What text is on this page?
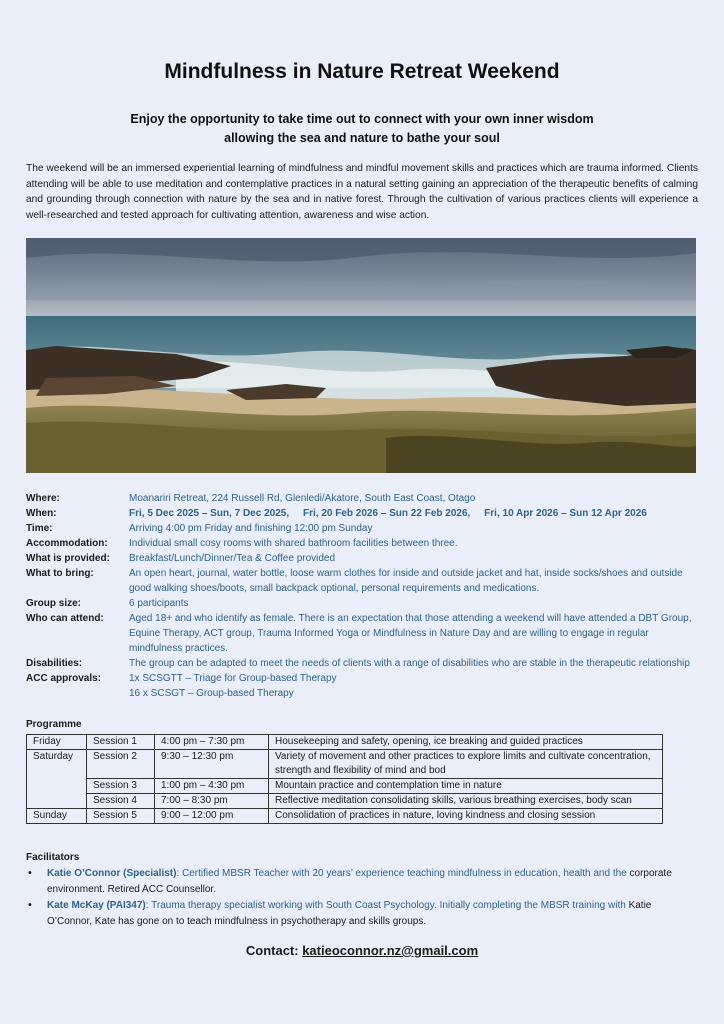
Mindfulness in Nature Retreat Weekend
Enjoy the opportunity to take time out to connect with your own inner wisdom
allowing the sea and nature to bathe your soul
The weekend will be an immersed experiential learning of mindfulness and mindful movement skills and practices which are trauma informed. Clients attending will be able to use meditation and contemplative practices in a natural setting gaining an appreciation of the therapeutic benefits of calming and grounding through connection with nature by the sea and in native forest. Through the cultivation of various practices clients will experience a well-researched and tested approach for cultivating attention, awareness and wise action.
Where:	Moanariri Retreat, 224 Russell Rd, Glenledi/Akatore, South East Coast, Otago
When:	Fri, 5 Dec 2025 – Sun, 7 Dec 2025,     Fri, 20 Feb 2026 – Sun 22 Feb 2026,     Fri, 10 Apr 2026 – Sun 12 Apr 2026
Time:	Arriving 4:00 pm Friday and finishing 12:00 pm Sunday
Accommodation:	Individual small cosy rooms with shared bathroom facilities between three.
What is provided:	Breakfast/Lunch/Dinner/Tea & Coffee provided
What to bring:	An open heart, journal, water bottle, loose warm clothes for inside and outside jacket and hat, inside socks/shoes and outside good walking shoes/boots, small backpack optional, personal requirements and medications.
Group size:	6 participants
Who can attend:	Aged 18+ and who identify as female. There is an expectation that those attending a weekend will have attended a DBT Group, Equine Therapy, ACT group, Trauma Informed Yoga or Mindfulness in Nature Day and are willing to engage in regular mindfulness practices.
Disabilities:	The group can be adapted to meet the needs of clients with a range of disabilities who are stable in the therapeutic relationship
ACC approvals:	1x SCSGTT – Triage for Group-based Therapy
16 x SCSGT – Group-based Therapy
Programme
Friday	Session 1	4:00 pm – 7:30 pm	Housekeeping and safety, opening, ice breaking and guided practices
Saturday	Session 2	9:30 – 12:30 pm	Variety of movement and other practices to explore limits and cultivate concentration, strength and flexibility of mind and bod
	Session 3	1:00 pm – 4:30 pm	Mountain practice and contemplation time in nature
	Session 4	7:00 – 8:30 pm	Reflective meditation consolidating skills, various breathing exercises, body scan
Sunday	Session 5	9:00 – 12:00 pm	Consolidation of practices in nature, loving kindness and closing session
Facilitators
• Katie O’Connor (Specialist): Certified MBSR Teacher with 20 years’ experience teaching mindfulness in education, health and the corporate environment. Retired ACC Counsellor.
• Kate McKay (PAI347): Trauma therapy specialist working with South Coast Psychology. Initially completing the MBSR training with Katie O’Connor, Kate has gone on to teach mindfulness in psychotherapy and skills groups.
Contact: katieoconnor.nz@gmail.com
